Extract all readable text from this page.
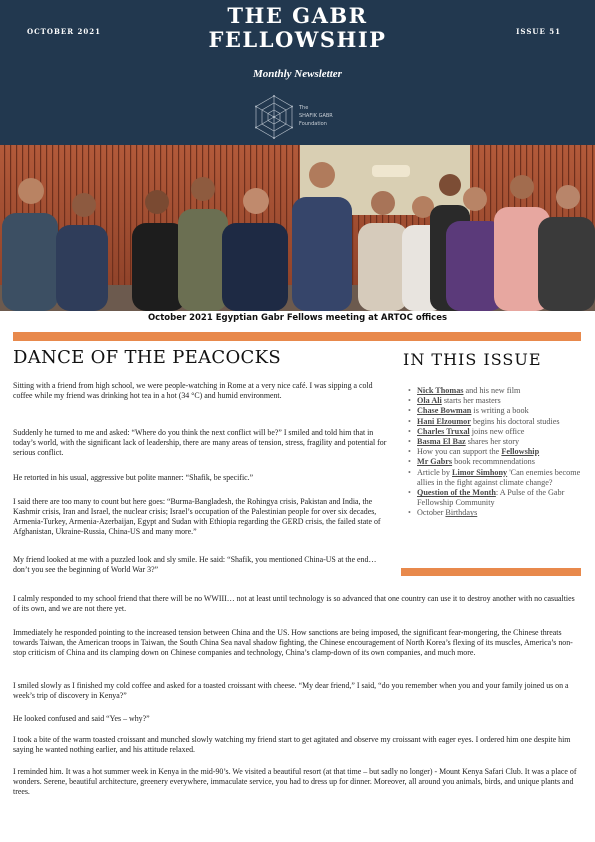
OCTOBER 2021
THE GABR
FELLOWSHIP	ISSUE 51
Monthly Newsletter
The
SHAFIK GABR
Foundation
October 2021 Egyptian Gabr Fellows meeting at ARTOC offices
DANCE OF THE PEACOCKS

Sitting with a friend from high school, we were people-watching in Rome at a very nice café. I was sipping a cold coffee while my friend was drinking hot tea in a hot (34 °C) and humid environment.

Suddenly he turned to me and asked: “Where do you think the next conflict will be?” I smiled and told him that in today’s world, with the significant lack of leadership, there are many areas of tension, stress, fragility and potential for serious conflict.

He retorted in his usual, aggressive but polite manner: “Shafik, be specific.”

I said there are too many to count but here goes: “Burma-Bangladesh, the Rohingya crisis, Pakistan and India, the Kashmir crisis, Iran and Israel, the nuclear crisis; Israel’s occupation of the Palestinian people for over six decades, Armenia-Turkey, Armenia-Azerbaijan, Egypt and Sudan with Ethiopia regarding the GERD crisis, the failed state of Afghanistan, Ukraine-Russia, China-US and many more.”

My friend looked at me with a puzzled look and sly smile. He said: “Shafik, you mentioned China-US at the end… don’t you see the beginning of World War 3?”

I calmly responded to my school friend that there will be no WWIII… not at least until technology is so advanced that one country can use it to destroy another with no casualties of its own, and we are not there yet.

Immediately he responded pointing to the increased tension between China and the US. How sanctions are being imposed, the significant fear-mongering, the Chinese threats towards Taiwan, the American troops in Taiwan, the South China Sea naval shadow fighting, the Chinese encouragement of North Korea’s flexing of its muscles, America’s non-stop criticism of China and its clamping down on Chinese companies and technology, China’s clamp-down of its own companies, and much more.

I smiled slowly as I finished my cold coffee and asked for a toasted croissant with cheese. “My dear friend,” I said, “do you remember when you and your family joined us on a week’s trip of discovery in Kenya?”

He looked confused and said “Yes – why?”

I took a bite of the warm toasted croissant and munched slowly watching my friend start to get agitated and observe my croissant with eager eyes. I ordered him one despite him saying he wanted nothing earlier, and his attitude relaxed.

I reminded him. It was a hot summer week in Kenya in the mid-90’s. We visited a beautiful resort (at that time – but sadly no longer) - Mount Kenya Safari Club. It was a place of wonders. Serene, beautiful architecture, greenery everywhere, immaculate service, you had to dress up for dinner. Moreover, all around you animals, birds, and unique plants and trees.

IN THIS ISSUE
• Nick Thomas and his new film
• Ola Ali starts her masters
• Chase Bowman is writing a book
• Hani Elzoumor begins his doctoral studies
• Charles Truxal joins new office
• Basma El Baz shares her story
• How you can support the Fellowship
• Mr Gabrs book recommnendations
• Article by Limor Simhony 'Can enemies become allies in the fight against climate change?
• Question of the Month: A Pulse of the Gabr Fellowship Community
• October Birthdays
